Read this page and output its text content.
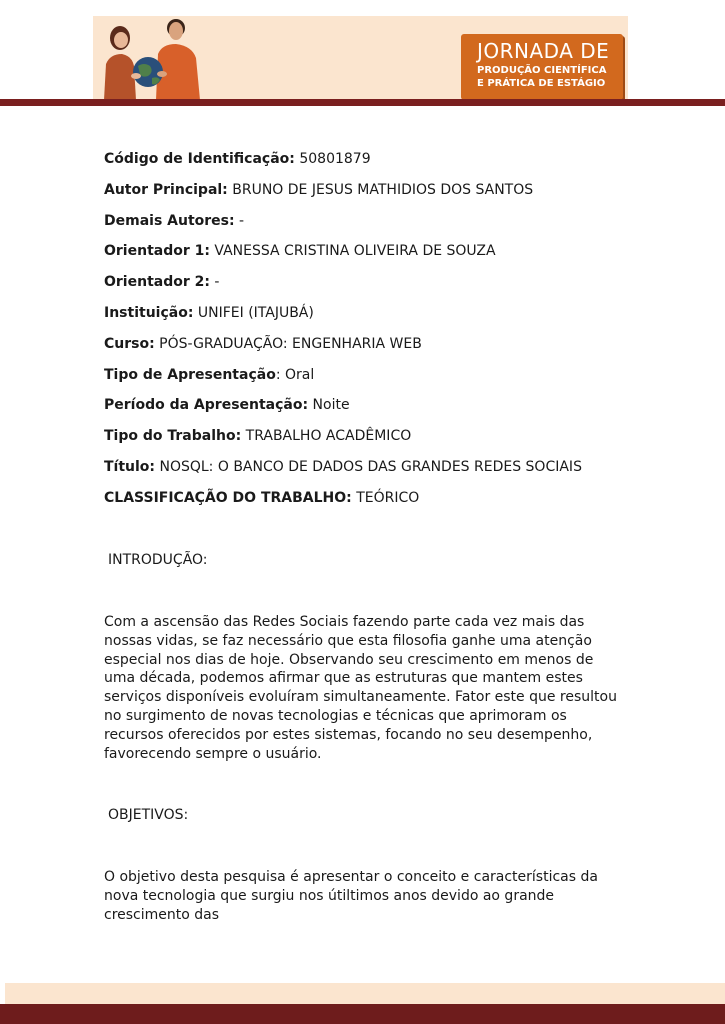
JORNADA DE
PRODUÇÃO CIENTÍFICA
E PRÁTICA DE ESTÁGIO
Código de Identificação: 50801879
Autor Principal: BRUNO DE JESUS MATHIDIOS DOS SANTOS
Demais Autores: -
Orientador 1: VANESSA CRISTINA OLIVEIRA DE SOUZA
Orientador 2: -
Instituição: UNIFEI (ITAJUBÁ)
Curso: PÓS-GRADUAÇÃO: ENGENHARIA WEB
Tipo de Apresentação: Oral
Período da Apresentação: Noite
Tipo do Trabalho: TRABALHO ACADÊMICO
Título: NOSQL: O BANCO DE DADOS DAS GRANDES REDES SOCIAIS
CLASSIFICAÇÃO DO TRABALHO: TEÓRICO
INTRODUÇÃO:
Com a ascensão das Redes Sociais fazendo parte cada vez mais das nossas vidas, se faz necessário que esta filosofia ganhe uma atenção especial nos dias de hoje. Observando seu crescimento em menos de uma década, podemos afirmar que as estruturas que mantem estes serviços disponíveis evoluíram simultaneamente. Fator este que resultou no surgimento de novas tecnologias e técnicas que aprimoram os recursos oferecidos por estes sistemas, focando no seu desempenho, favorecendo sempre o usuário.
OBJETIVOS:
O objetivo desta pesquisa é apresentar o conceito e características da nova tecnologia que surgiu nos útiltimos anos devido ao grande crescimento das
